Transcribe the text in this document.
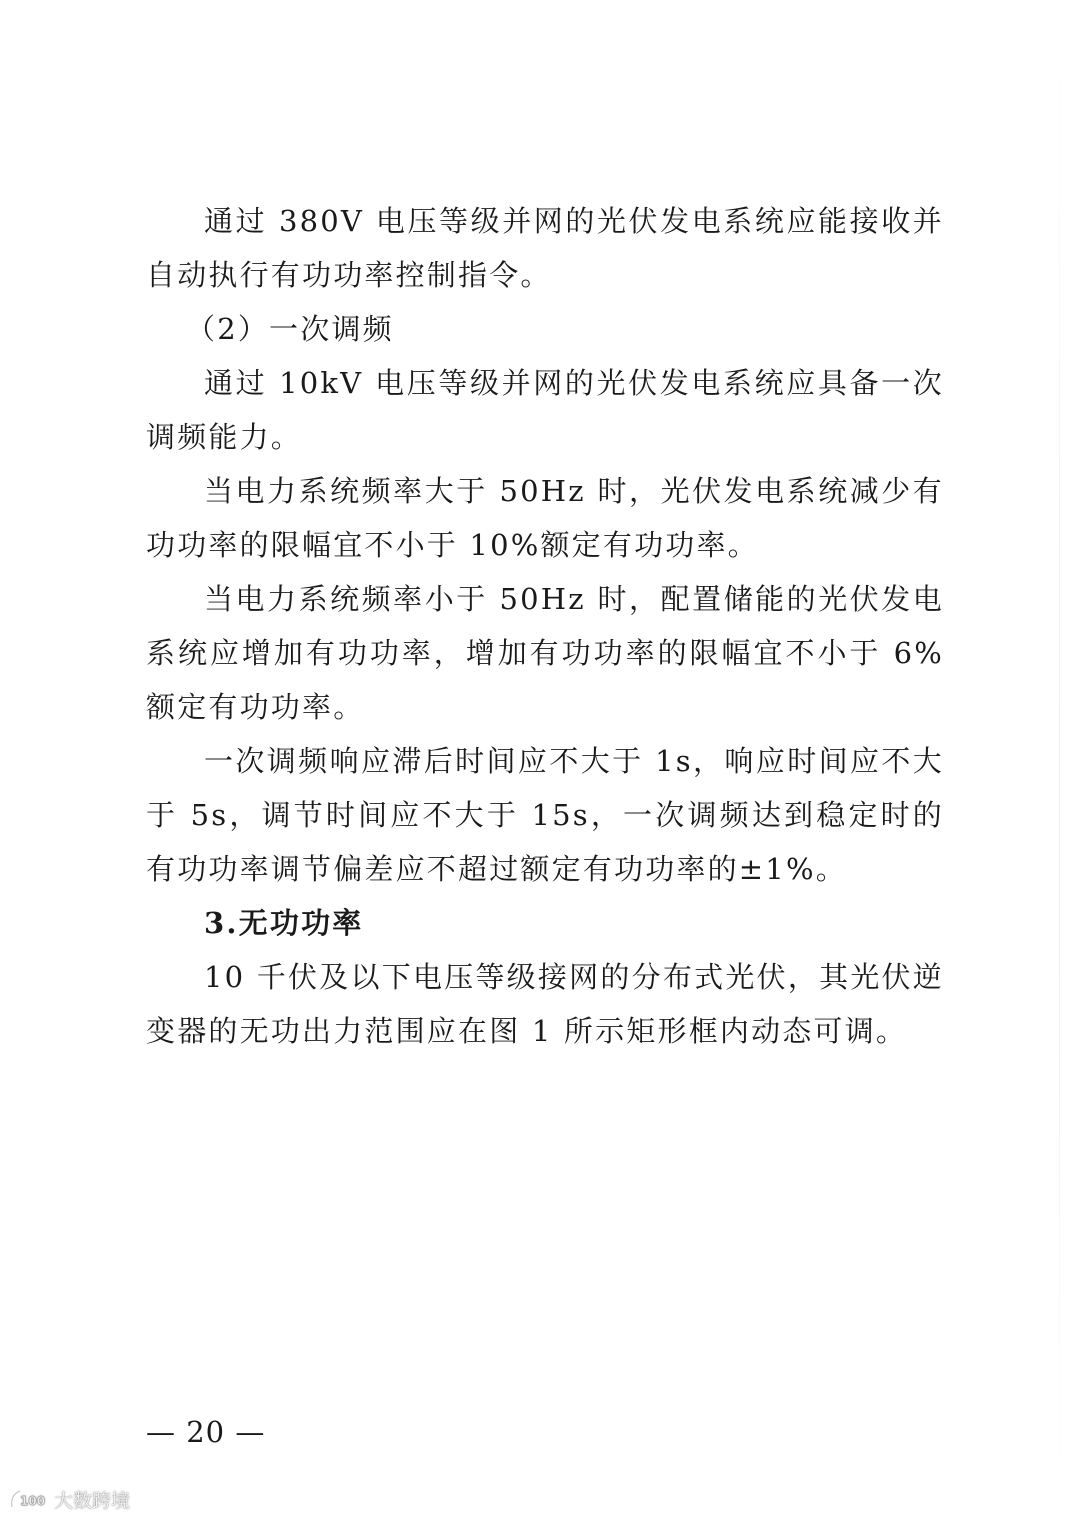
通过 380V 电压等级并网的光伏发电系统应能接收并自动执行有功功率控制指令。

（2）一次调频

通过 10kV 电压等级并网的光伏发电系统应具备一次调频能力。

当电力系统频率大于 50Hz 时，光伏发电系统减少有功功率的限幅宜不小于 10%额定有功功率。

当电力系统频率小于 50Hz 时，配置储能的光伏发电系统应增加有功功率，增加有功功率的限幅宜不小于 6%额定有功功率。

一次调频响应滞后时间应不大于 1s，响应时间应不大于 5s，调节时间应不大于 15s，一次调频达到稳定时的有功功率调节偏差应不超过额定有功功率的±1%。

3.无功功率

10 千伏及以下电压等级接网的分布式光伏，其光伏逆变器的无功出力范围应在图 1 所示矩形框内动态可调。

— 20 —
100 大数跨境
